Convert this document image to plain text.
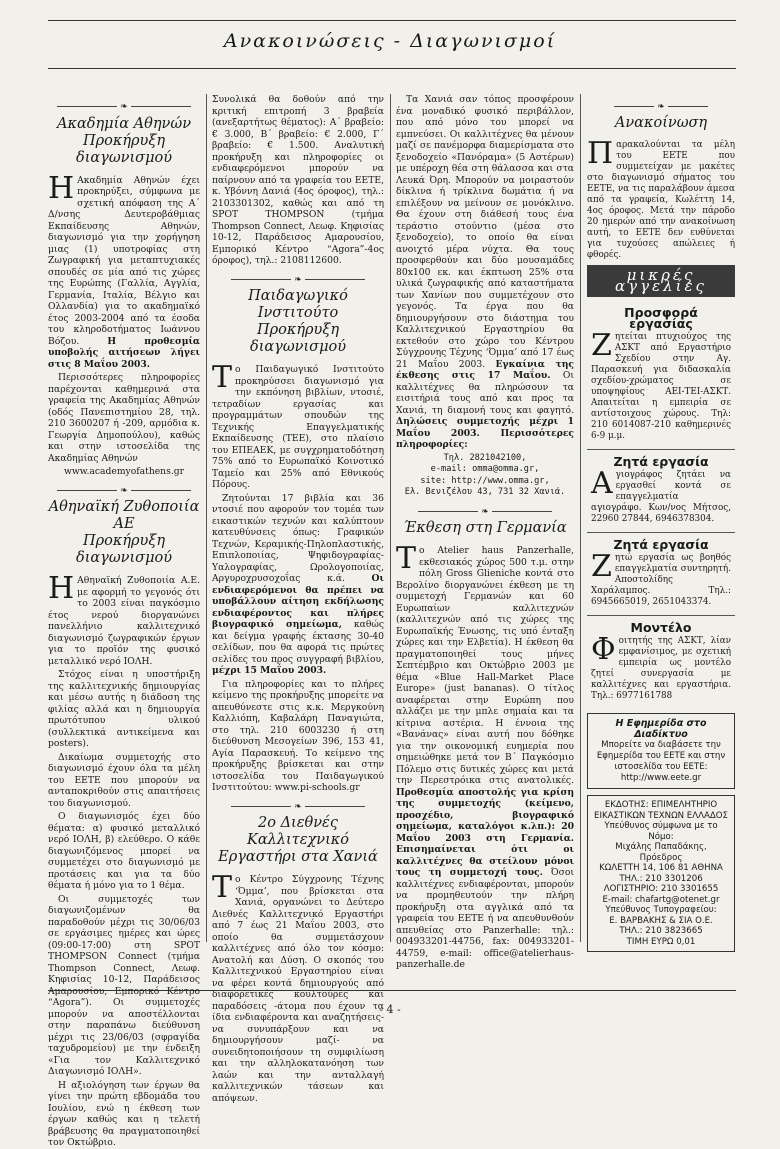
Ανακοινώσεις - Διαγωνισμοί
❧
Ακαδημία Αθηνών
Προκήρυξη διαγωνισμού

Η Ακαδημία Αθηνών έχει προκηρύξει, σύμφωνα με σχετική απόφαση της Α΄ Δ/νσης Δευτεροβάθμιας Εκπαίδευσης Αθηνών, διαγωνισμό για την χορήγηση μιας (1) υποτροφίας στη Ζωγραφική για μεταπτυχιακές σπουδές σε μία από τις χώρες της Ευρώπης (Γαλλία, Αγγλία, Γερμανία, Ιταλία, Βέλγιο και Ολλανδία) για το ακαδημαϊκό έτος 2003-2004 από τα έσοδα του κληροδοτήματος Ιωάννου Βόζου.	Η προθεσμία υποβολής αιτήσεων λήγει στις 8 Μαΐου 2003.

Περισσότερες πληροφορίες παρέχονται καθημερινά στα γραφεία της Ακαδημίας Αθηνών (οδός Πανεπιστημίου 28, τηλ. 210 3600207 ή -209, αρμόδια κ. Γεωργία Δημοπούλου), καθώς και στην ιστοσελίδα της Ακαδημίας Αθηνών

www.academyofathens.gr

❧
Αθηναϊκή Ζυθοποιία ΑΕ
Προκήρυξη διαγωνισμού

Η Αθηναϊκή Ζυθοποιία Α.Ε. με αφορμή το γεγονός ότι το 2003 είναι παγκόσμιο έτος νερού διοργανώνει πανελλήνιο καλλιτεχνικό διαγωνισμό ζωγραφικών έργων για το προϊόν της φυσικό μεταλλικό νερό ΙΟΛΗ.

Στόχος είναι η υποστήριξη της καλλιτεχνικής δημιουργίας και μέσω αυτής η διάδοση της φιλίας αλλά και η δημιουργία πρωτότυπου υλικού (συλλεκτικά αντικείμενα και posters).

Δικαίωμα συμμετοχής στο διαγωνισμό έχουν όλα τα μέλη του ΕΕΤΕ που μπορούν να ανταποκριθούν στις απαιτήσεις του διαγωνισμού.

Ο διαγωνισμός έχει δύο θέματα: α) φυσικό μεταλλικό νερό ΙΟΛΗ, β) ελεύθερο. Ο κάθε διαγωνιζόμενος μπορεί να συμμετέχει στο διαγωνισμό με προτάσεις και για τα δύο θέματα ή μόνο για το 1 θέμα.

Οι συμμετοχές των διαγωνιζομένων θα παραδοθούν μέχρι τις 30/06/03 σε εργάσιμες ημέρες και ώρες (09:00-17:00) στη SPOT THOMPSON Connect (τμήμα Thompson Connect, Λεωφ. Κηφισίας 10-12, Παράδεισος Αμαρουσίου, Εμπορικό Κέντρο “Agora”). Οι συμμετοχές μπορούν να αποστέλλονται στην παραπάνω διεύθυνση μέχρι τις 23/06/03 (σφραγίδα ταχυδρομείου) με την ένδειξη «Για τον Καλλιτεχνικό Διαγωνισμό ΙΟΛΗ».

Η αξιολόγηση των έργων θα γίνει την πρώτη εβδομάδα του Ιουλίου, ενώ η έκθεση των έργων καθώς και η τελετή βράβευσης θα πραγματοποιηθεί τον Οκτώβριο.

Συνολικά θα δοθούν από την κριτική επιτροπή 3 βραβεία (ανεξαρτήτως θέματος): Α΄ βραβείο: € 3.000, Β΄ βραβείο: € 2.000, Γ΄ βραβείο: € 1.500. Αναλυτική προκήρυξη και πληροφορίες οι ενδιαφερόμενοι μπορούν να παίρνουν από τα γραφεία του ΕΕΤΕ, κ. Υβόννη Δανιά (4ος όροφος), τηλ.: 2103301302, καθώς και από τη SPOT THOMPSON (τμήμα Thompson Connect, Λεωφ. Κηφισίας 10-12, Παράδεισος Αμαρουσίου, Εμπορικό Κέντρο “Agora”-4ος όροφος), τηλ.: 2108112600.

❧
Παιδαγωγικό Ινστιτούτο
Προκήρυξη διαγωνισμού

Το Παιδαγωγικό Ινστιτούτο προκηρύσσει διαγωνισμό για την εκπόνηση βιβλίων, ντοσιέ, τετραδίων εργασίας και προγραμμάτων σπουδών της Τεχνικής Επαγγελματικής Εκπαίδευσης (ΤΕΕ), στο πλαίσιο του ΕΠΕΑΕΚ, με συγχρηματοδότηση 75% από το Ευρωπαϊκό Κοινοτικό Ταμείο και 25% από Εθνικούς Πόρους.

Ζητούνται 17 βιβλία και 36 ντοσιέ που αφορούν τον τομέα των εικαστικών τεχνών και καλύπτουν κατευθύνσεις όπως: Γραφικών Τεχνών, Κεραμικής-Πηλοπλαστικής, Επιπλοποιίας, Ψηφιδογραφίας-Υαλογραφίας, Ωρολογοποιίας, Αργυροχρυσοχοΐας κ.ά.	Οι ενδιαφερόμενοι θα πρέπει να υποβάλλουν αίτηση εκδήλωσης ενδιαφέροντος και πλήρες βιογραφικό σημείωμα, καθώς και δείγμα γραφής έκτασης 30-40 σελίδων, που θα αφορά τις πρώτες σελίδες του προς συγγραφή βιβλίου, μέχρι 15 Μαΐου 2003.

Για πληροφορίες και το πλήρες κείμενο της προκήρυξης μπορείτε να απευθύνεστε στις κ.κ. Μεργκούνη Καλλιόπη, Καβαλάρη Παναγιώτα, στο τηλ. 210 6003230 ή στη διεύθυνση Μεσογείων 396, 153 41, Αγία Παρασκευή. Το κείμενο της προκήρυξης βρίσκεται και στην ιστοσελίδα του Παιδαγωγικού Ινστιτούτου: www.pi-schools.gr

❧
2ο Διεθνές Καλλιτεχνικό
Εργαστήρι στα Χανιά

Το Κέντρο Σύγχρονης Τέχνης ‘Όμμα’, που βρίσκεται στα Χανιά, οργανώνει το Δεύτερο Διεθνές Καλλιτεχνικό Εργαστήρι από 7 έως 21 Μαΐου 2003, στο οποίο θα συμμετάσχουν καλλιτέχνες από όλο τον κόσμο: Ανατολή και Δύση. Ο σκοπός του Καλλιτεχνικού Εργαστηρίου είναι να φέρει κοντά δημιουργούς από διαφορετικές κουλτούρες και παραδόσεις -άτομα που έχουν τα ίδια ενδιαφέροντα και αναζητήσεις- να συνυπάρξουν και να δημιουργήσουν μαζί- να συνειδητοποιήσουν τη συμφιλίωση και την αλληλοκατανόηση των λαών και την ανταλλαγή καλλιτεχνικών τάσεων και απόψεων.

Τα Χανιά σαν τόπος προσφέρουν ένα μοναδικό φυσικό περιβάλλον, που από μόνο του μπορεί να εμπνεύσει. Οι καλλιτέχνες θα μένουν μαζί σε πανέμορφα διαμερίσματα στο ξενοδοχείο «Πανόραμα» (5 Αστέρων) με υπέροχη θέα στη θάλασσα και στα Λευκά Όρη. Μπορούν να μοιραστούν δίκλινα ή τρίκλινα δωμάτια ή να επιλέξουν να μείνουν σε μονόκλινο. Θα έχουν στη διάθεσή τους ένα τεράστιο στούντιο (μέσα στο ξενοδοχείο), το οποίο θα είναι ανοιχτό μέρα νύχτα. Θα τους προσφερθούν και δύο μουσαμάδες 80x100 εκ. και έκπτωση 25% στα υλικά ζωγραφικής από καταστήματα των Χανίων που συμμετέχουν στο γεγονός. Τα έργα που θα δημιουργήσουν στο διάστημα του Καλλιτεχνικού Εργαστηρίου θα εκτεθούν στο χώρο του Κέντρου Σύγχρονης Τέχνης ‘Όμμα’ από 17 έως 21 Μαΐου 2003. Εγκαίνια της έκθεσης στις 17 Μαΐου. Οι καλλιτέχνες θα πληρώσουν τα εισιτήριά τους από και προς τα Χανιά, τη διαμονή τους και φαγητό. Δηλώσεις συμμετοχής μέχρι 1 Μαΐου 2003. Περισσότερες πληροφορίες:

Τηλ. 2821042100,
e-mail: omma@omma.gr,
site: http://www.omma.gr,
Ελ. Βενιζέλου 43, 731 32 Χανιά.
❧
Έκθεση στη Γερμανία

Το Atelier haus Panzerhalle, εκθεσιακός χώρος 500 τ.μ. στην πόλη Gross Glieniche κοντά στο Βερολίνο διοργανώνει έκθεση με τη συμμετοχή Γερμανών και 60 Ευρωπαίων καλλιτεχνών (καλλιτεχνών από τις χώρες της Ευρωπαϊκής Ένωσης, τις υπό ένταξη χώρες και την Ελβετία). Η έκθεση θα πραγματοποιηθεί τους μήνες Σεπτέμβριο και Οκτώβριο 2003 με θέμα «Blue Hall-Market Place Europe» (just bananas). Ο τίτλος αναφέρεται στην Ευρώπη που αλλάζει με την μπλε σημαία και τα κίτρινα αστέρια. Η έννοια της «Βανάνας» είναι αυτή που δόθηκε για την οικονομική ευημερία που σημειώθηκε μετά τον Β΄ Παγκόσμιο Πόλεμο στις δυτικές χώρες και μετά την Περεστρόικα στις ανατολικές. Προθεσμία αποστολής για κρίση της συμμετοχής (κείμενο, προσχέδιο, βιογραφικό σημείωμα, καταλόγοι κ.λπ.): 20 Μαΐου 2003 στη Γερμανία. Επισημαίνεται ότι οι καλλιτέχνες θα στείλουν μόνοι τους τη συμμετοχή τους. Όσοι καλλιτέχνες ενδιαφέρονται, μπορούν να προμηθευτούν την πλήρη προκήρυξη στα αγγλικά από τα γραφεία του ΕΕΤΕ ή να απευθυνθούν απευθείας στο Panzerhalle: τηλ.: 004933201-44756, fax: 004933201-44759, e-mail: office@atelierhaus-panzerhalle.de

❧
Ανακοίνωση

Παρακαλούνται τα μέλη του ΕΕΤΕ που συμμετείχαν με μακέτες στο διαγωνισμό σήματος του ΕΕΤΕ, να τις παραλάβουν άμεσα από τα γραφεία, Κωλέττη 14, 4ος όροφος. Μετά την πάροδο 20 ημερών από την ανακοίνωση αυτή, το ΕΕΤΕ δεν ευθύνεται για τυχούσες απώλειες ή φθορές.

μικρές αγγελίες
Προσφορά εργασίας

Ζητείται πτυχιούχος της ΑΣΚΤ από Εργαστήριο Σχεδίου στην Αγ. Παρασκευή για διδασκαλία σχεδίου-χρώματος σε υποψηφίους ΑΕΙ-ΤΕΙ-ΑΣΚΤ. Απαιτείται η εμπειρία σε αντίστοιχους χώρους. Τηλ: 210 6014087-210 καθημερινές 6-9 μ.μ.

Ζητά εργασία

Αγιογράφος ζητάει να εργασθεί κοντά σε επαγγελματία αγιογράφο. Κων/νος Μήτσος, 22960 27844, 6946378304.

Ζητά εργασία

Ζητώ εργασία ως βοηθός επαγγελματία συντηρητή. Αποστολίδης Χαράλαμπος. Τηλ.: 6945665019, 2651043374.

Μοντέλο

Φοιτητής της ΑΣΚΤ, λίαν εμφανίσιμος, με σχετική εμπειρία ως μοντέλο ζητεί συνεργασία με καλλιτέχνες και εργαστήρια. Τηλ.: 6977161788

Η Εφημερίδα στο Διαδίκτυο
Μπορείτε να διαβάσετε την Εφημερίδα του ΕΕΤΕ και στην ιστοσελίδα του ΕΕΤΕ: http://www.eete.gr
ΕΚΔΟΤΗΣ: ΕΠΙΜΕΛΗΤΗΡΙΟ
ΕΙΚΑΣΤΙΚΩΝ ΤΕΧΝΩΝ ΕΛΛΑΔΟΣ
Υπεύθυνος σύμφωνα με το Νόμο:
Μιχάλης Παπαδάκης, Πρόεδρος
ΚΩΛΕΤΤΗ 14, 106 81 ΑΘΗΝΑ
ΤΗΛ.: 210 3301206
ΛΟΓΙΣΤΗΡΙΟ: 210 3301655
E-mail: chafartg@otenet.gr
Υπεύθυνος Τυπογραφείου:
Ε. ΒΑΡΒΑΚΗΣ & ΣΙΑ Ο.Ε.
ΤΗΛ.: 210 3823665
ΤΙΜΗ ΕΥΡΩ 0,01
- 4 -
